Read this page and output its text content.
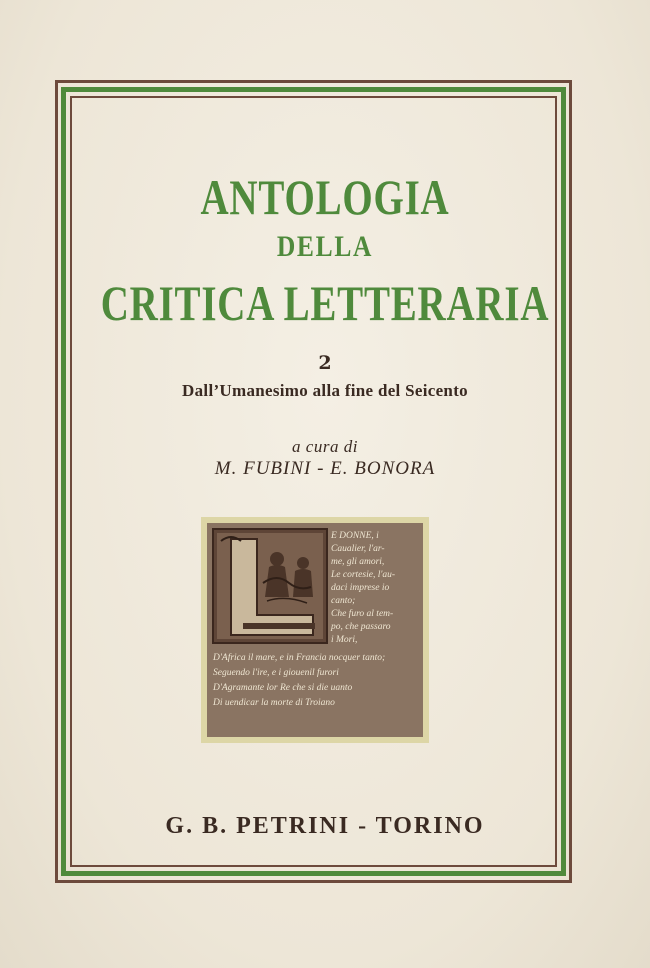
ANTOLOGIA
DELLA
CRITICA LETTERARIA
2
Dall’Umanesimo alla fine del Seicento
a cura di
M. FUBINI - E. BONORA
E DONNE, i
Caualier, l'ar-
me, gli amori,
Le cortesie, l'au-
daci imprese io
canto;
Che furo al tem-
po, che passaro
i Mori,
D'Africa il mare, e in Francia nocquer tanto;
Seguendo l'ire, e i giouenil furori
D'Agramante lor Re che si die uanto
Di uendicar la morte di Troiano
G. B. PETRINI - TORINO
